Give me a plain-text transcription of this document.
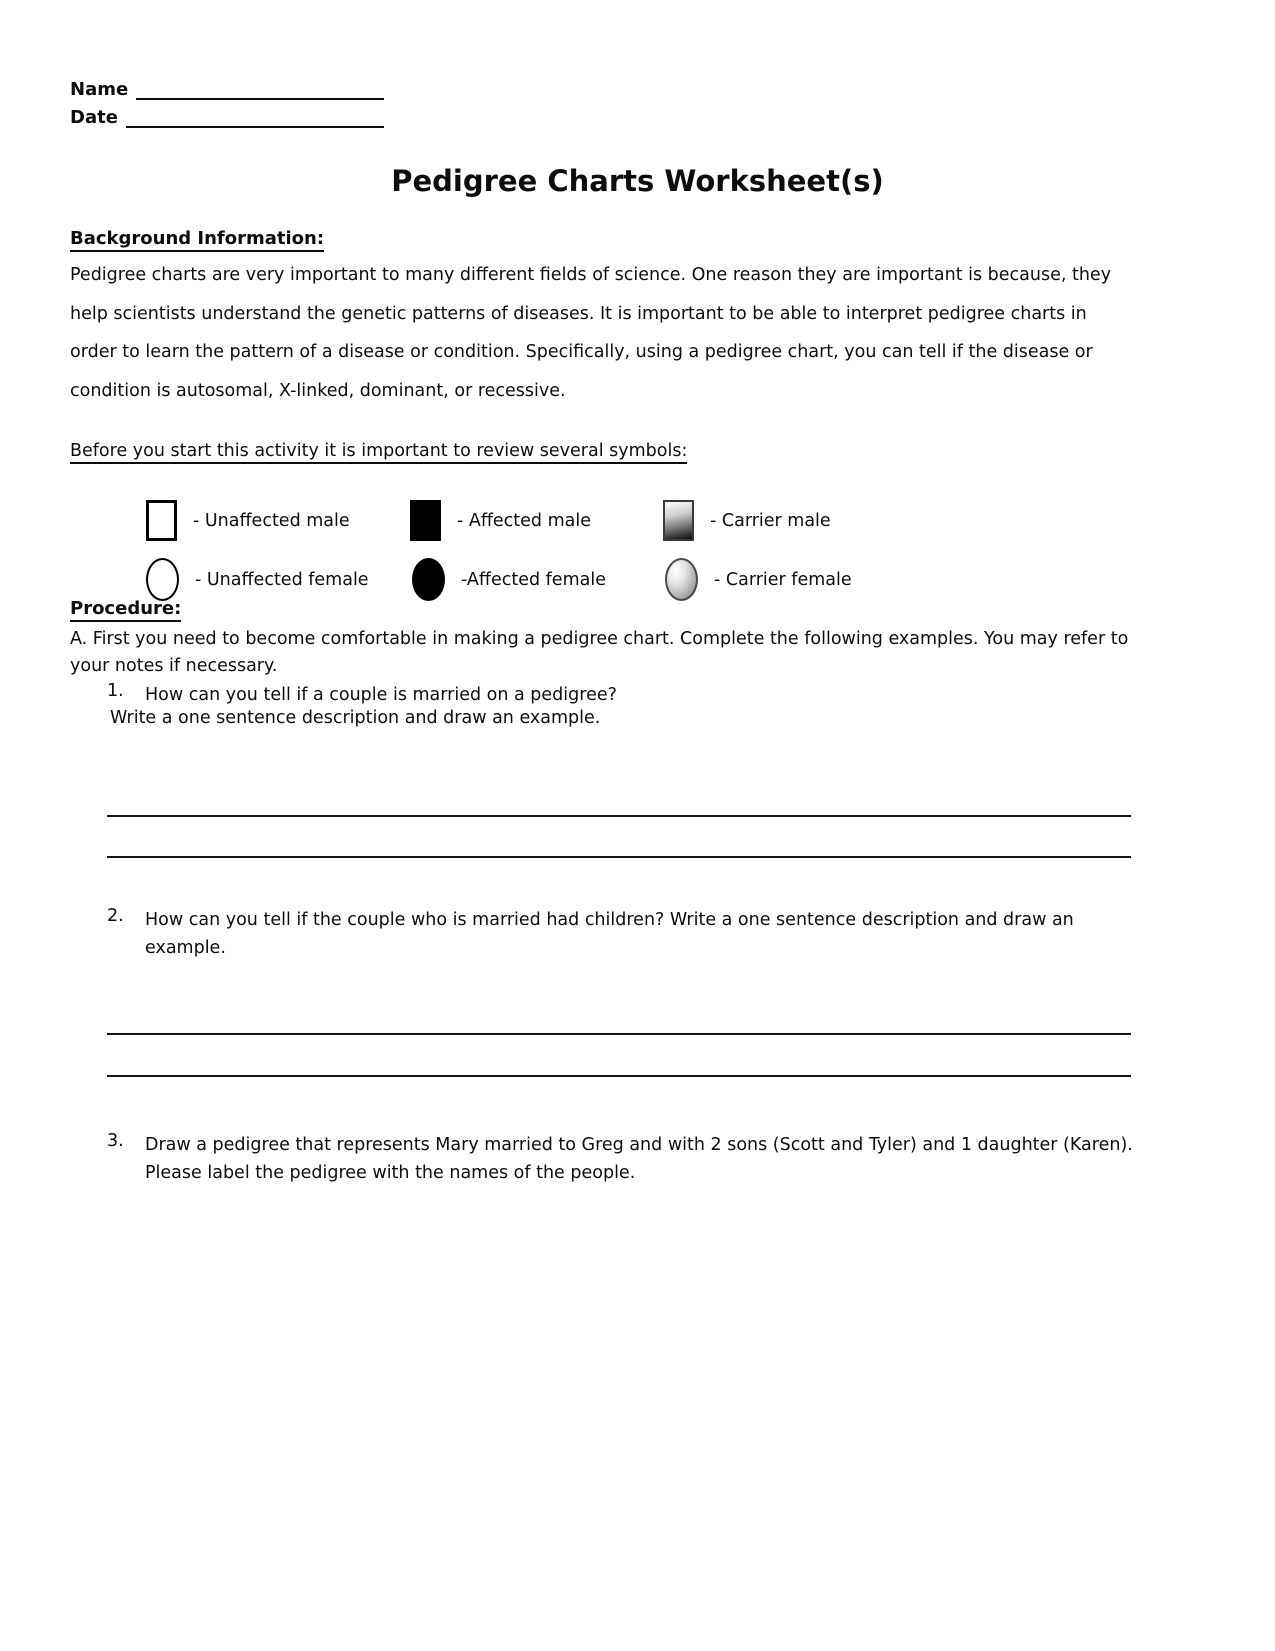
Name
Date
Pedigree Charts Worksheet(s)
Background Information:
Pedigree charts are very important to many different fields of science. One reason they are important is because, they
help scientists understand the genetic patterns of diseases. It is important to be able to interpret pedigree charts in
order to learn the pattern of a disease or condition. Specifically, using a pedigree chart, you can tell if the disease or
condition is autosomal, X-linked, dominant, or recessive.
Before you start this activity it is important to review several symbols:
- Unaffected male	- Affected male	- Carrier male
- Unaffected female	-Affected female	- Carrier female
Procedure:
A. First you need to become comfortable in making a pedigree chart. Complete the following examples. You may refer to
your notes if necessary.
1.	How can you tell if a couple is married on a pedigree?
Write a one sentence description and draw an example.
2.	How can you tell if the couple who is married had children? Write a one sentence description and draw an
example.
3.	Draw a pedigree that represents Mary married to Greg and with 2 sons (Scott and Tyler) and 1 daughter (Karen).
Please label the pedigree with the names of the people.
